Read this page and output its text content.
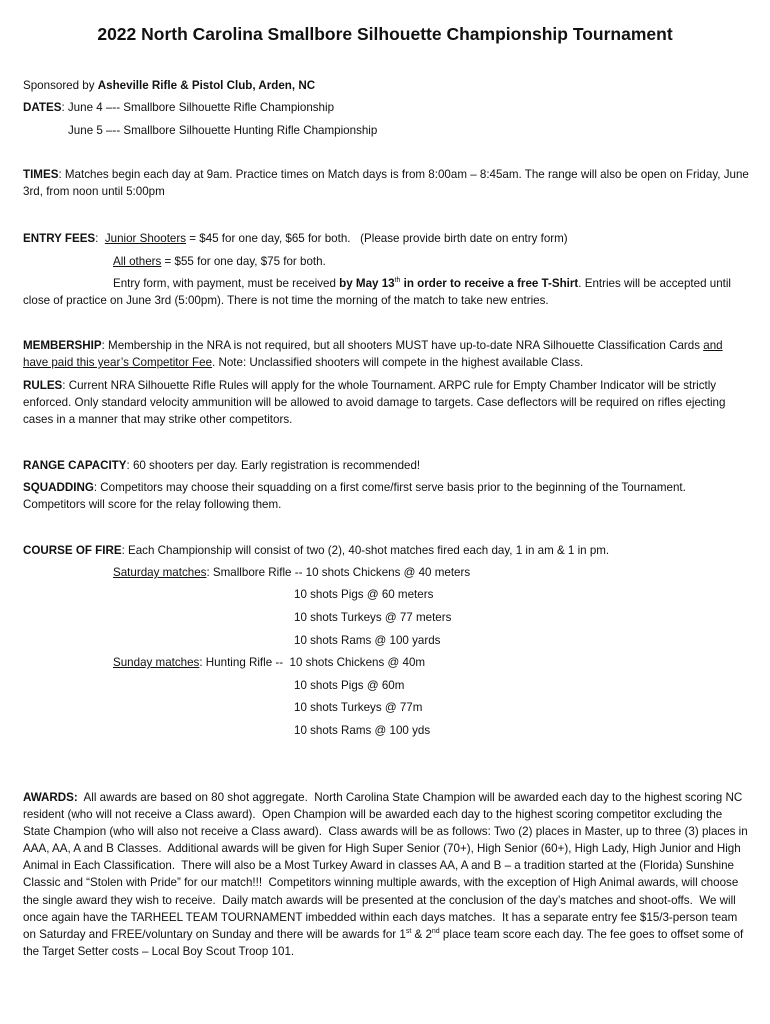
2022 North Carolina Smallbore Silhouette Championship Tournament
Sponsored by Asheville Rifle & Pistol Club, Arden, NC
DATES: June 4 –-- Smallbore Silhouette Rifle Championship
June 5 –-- Smallbore Silhouette Hunting Rifle Championship
TIMES: Matches begin each day at 9am. Practice times on Match days is from 8:00am – 8:45am. The range will also be open on Friday, June 3rd, from noon until 5:00pm
ENTRY FEES:  Junior Shooters = $45 for one day, $65 for both.   (Please provide birth date on entry form)
All others = $55 for one day, $75 for both.
Entry form, with payment, must be received by May 13th in order to receive a free T-Shirt. Entries will be accepted until close of practice on June 3rd (5:00pm). There is not time the morning of the match to take new entries.
MEMBERSHIP: Membership in the NRA is not required, but all shooters MUST have up-to-date NRA Silhouette Classification Cards and have paid this year’s Competitor Fee. Note: Unclassified shooters will compete in the highest available Class.
RULES: Current NRA Silhouette Rifle Rules will apply for the whole Tournament. ARPC rule for Empty Chamber Indicator will be strictly enforced. Only standard velocity ammunition will be allowed to avoid damage to targets. Case deflectors will be required on rifles ejecting cases in a manner that may strike other competitors.
RANGE CAPACITY: 60 shooters per day. Early registration is recommended!
SQUADDING: Competitors may choose their squadding on a first come/first serve basis prior to the beginning of the Tournament. Competitors will score for the relay following them.
COURSE OF FIRE: Each Championship will consist of two (2), 40-shot matches fired each day, 1 in am & 1 in pm.
Saturday matches: Smallbore Rifle -- 10 shots Chickens @ 40 meters
10 shots Pigs @ 60 meters
10 shots Turkeys @ 77 meters
10 shots Rams @ 100 yards
Sunday matches: Hunting Rifle --  10 shots Chickens @ 40m
10 shots Pigs @ 60m
10 shots Turkeys @ 77m
10 shots Rams @ 100 yds
AWARDS:  All awards are based on 80 shot aggregate.  North Carolina State Champion will be awarded each day to the highest scoring NC resident (who will not receive a Class award).  Open Champion will be awarded each day to the highest scoring competitor excluding the State Champion (who will also not receive a Class award).  Class awards will be as follows: Two (2) places in Master, up to three (3) places in AAA, AA, A and B Classes.  Additional awards will be given for High Super Senior (70+), High Senior (60+), High Lady, High Junior and High Animal in Each Classification.  There will also be a Most Turkey Award in classes AA, A and B – a tradition started at the (Florida) Sunshine Classic and “Stolen with Pride” for our match!!!  Competitors winning multiple awards, with the exception of High Animal awards, will choose the single award they wish to receive.  Daily match awards will be presented at the conclusion of the day’s matches and shoot-offs.  We will once again have the TARHEEL TEAM TOURNAMENT imbedded within each days matches.  It has a separate entry fee $15/3-person team on Saturday and FREE/voluntary on Sunday and there will be awards for 1st & 2nd place team score each day. The fee goes to offset some of the Target Setter costs – Local Boy Scout Troop 101.
